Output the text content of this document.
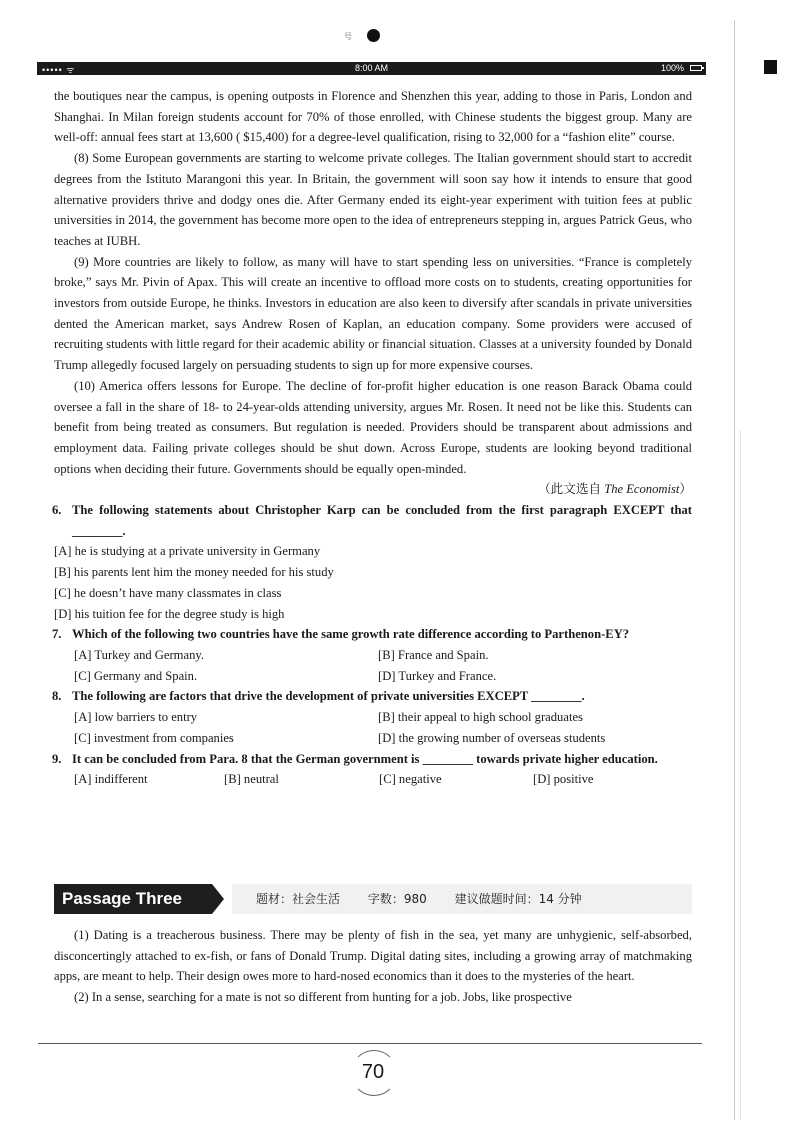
号
••••• ᯤ	8:00 AM	100%

the boutiques near the campus, is opening outposts in Florence and Shenzhen this year, adding to those in Paris, London and Shanghai. In Milan foreign students account for 70% of those enrolled, with Chinese students the biggest group. Many are well-off: annual fees start at 13,600 ( $15,400) for a degree-level qualification, rising to 32,000 for a “fashion elite” course.

(8) Some European governments are starting to welcome private colleges. The Italian government should start to accredit degrees from the Istituto Marangoni this year. In Britain, the government will soon say how it intends to ensure that good alternative providers thrive and dodgy ones die. After Germany ended its eight-year experiment with tuition fees at public universities in 2014, the government has become more open to the idea of entrepreneurs stepping in, argues Patrick Geus, who teaches at IUBH.

(9) More countries are likely to follow, as many will have to start spending less on universities. “France is completely broke,” says Mr. Pivin of Apax. This will create an incentive to offload more costs on to students, creating opportunities for investors from outside Europe, he thinks. Investors in education are also keen to diversify after scandals in private universities dented the American market, says Andrew Rosen of Kaplan, an education company. Some providers were accused of recruiting students with little regard for their academic ability or financial situation. Classes at a university founded by Donald Trump allegedly focused largely on persuading students to sign up for more expensive courses.

(10) America offers lessons for Europe. The decline of for-profit higher education is one reason Barack Obama could oversee a fall in the share of 18- to 24-year-olds attending university, argues Mr. Rosen. It need not be like this. Students can benefit from being treated as consumers. But regulation is needed. Providers should be transparent about admissions and employment data. Failing private colleges should be shut down. Across Europe, students are looking beyond traditional options when deciding their future. Governments should be equally open-minded.

（此文选自 The Economist）

6. The following statements about Christopher Karp can be concluded from the first paragraph EXCEPT that ________.

[A] he is studying at a private university in Germany

[B] his parents lent him the money needed for his study

[C] he doesn’t have many classmates in class

[D] his tuition fee for the degree study is high

7. Which of the following two countries have the same growth rate difference according to Parthenon-EY?

[A] Turkey and Germany.	[B] France and Spain.

[C] Germany and Spain.	[D] Turkey and France.

8. The following are factors that drive the development of private universities EXCEPT ________.

[A] low barriers to entry	[B] their appeal to high school graduates

[C] investment from companies	[D] the growing number of overseas students

9. It can be concluded from Para. 8 that the German government is ________ towards private higher education.

[A] indifferent	[B] neutral	[C] negative	[D] positive

Passage Three	题材：社会生活 字数：980 建议做题时间：14 分钟

(1) Dating is a treacherous business. There may be plenty of fish in the sea, yet many are unhygienic, self-absorbed, disconcertingly attached to ex-fish, or fans of Donald Trump. Digital dating sites, including a growing array of matchmaking apps, are meant to help. Their design owes more to hard-nosed economics than it does to the mysteries of the heart.

(2) In a sense, searching for a mate is not so different from hunting for a job. Jobs, like prospective

70
